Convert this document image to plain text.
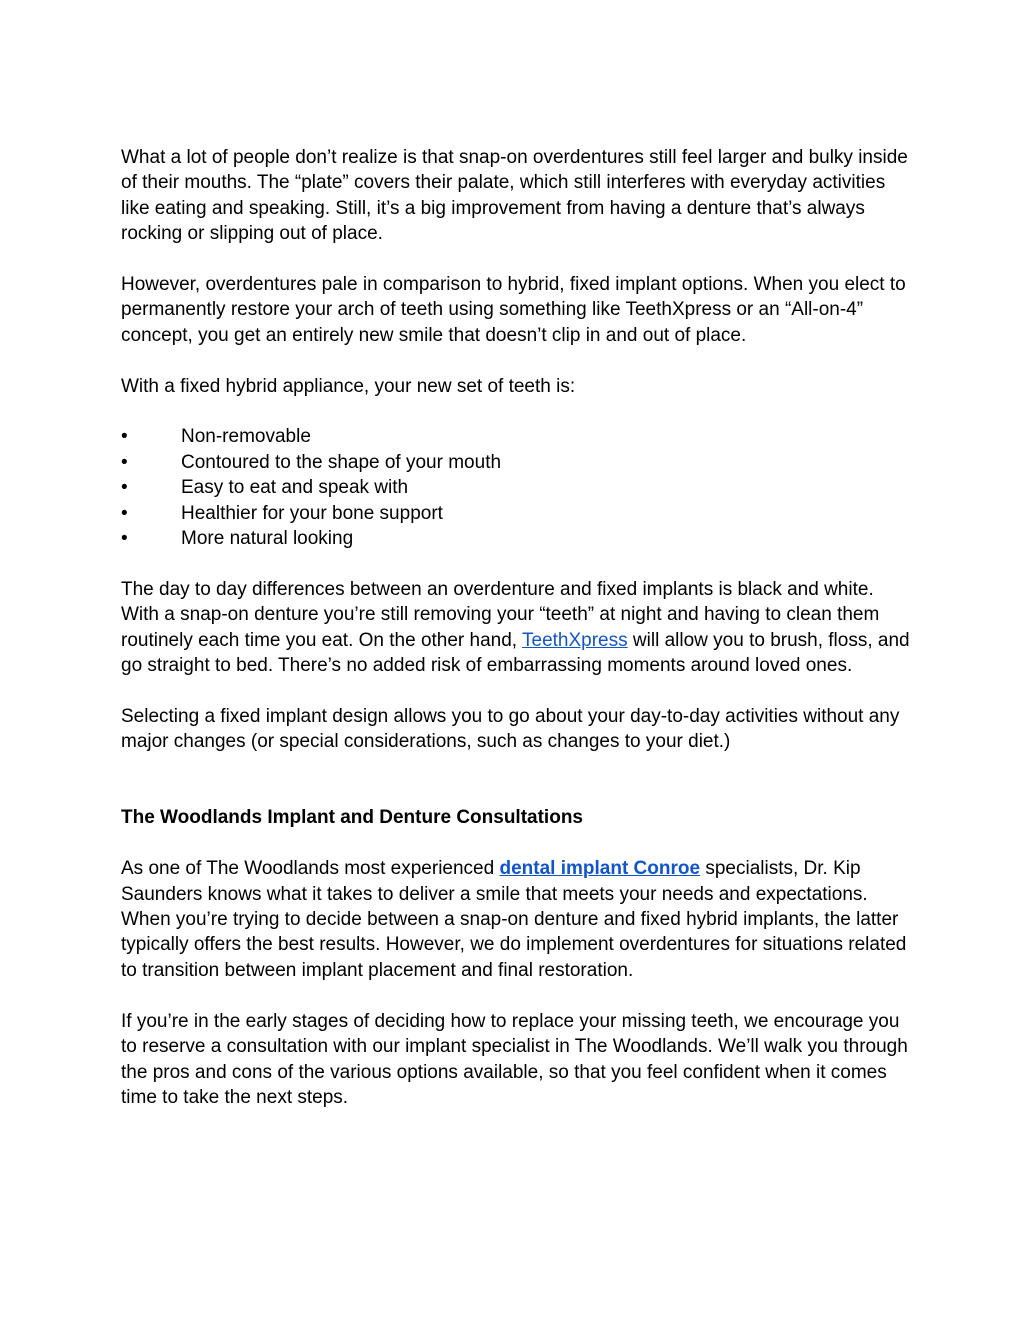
What a lot of people don’t realize is that snap-on overdentures still feel larger and bulky inside of their mouths. The “plate” covers their palate, which still interferes with everyday activities like eating and speaking. Still, it’s a big improvement from having a denture that’s always rocking or slipping out of place.

However, overdentures pale in comparison to hybrid, fixed implant options. When you elect to permanently restore your arch of teeth using something like TeethXpress or an “All-on-4” concept, you get an entirely new smile that doesn’t clip in and out of place.

With a fixed hybrid appliance, your new set of teeth is:

•	Non-removable
•	Contoured to the shape of your mouth
•	Easy to eat and speak with
•	Healthier for your bone support
•	More natural looking

The day to day differences between an overdenture and fixed implants is black and white. With a snap-on denture you’re still removing your “teeth” at night and having to clean them routinely each time you eat. On the other hand, TeethXpress will allow you to brush, floss, and go straight to bed. There’s no added risk of embarrassing moments around loved ones.

Selecting a fixed implant design allows you to go about your day-to-day activities without any major changes (or special considerations, such as changes to your diet.)

The Woodlands Implant and Denture Consultations

As one of The Woodlands most experienced dental implant Conroe specialists, Dr. Kip Saunders knows what it takes to deliver a smile that meets your needs and expectations. When you’re trying to decide between a snap-on denture and fixed hybrid implants, the latter typically offers the best results. However, we do implement overdentures for situations related to transition between implant placement and final restoration.

If you’re in the early stages of deciding how to replace your missing teeth, we encourage you to reserve a consultation with our implant specialist in The Woodlands. We’ll walk you through the pros and cons of the various options available, so that you feel confident when it comes time to take the next steps.
